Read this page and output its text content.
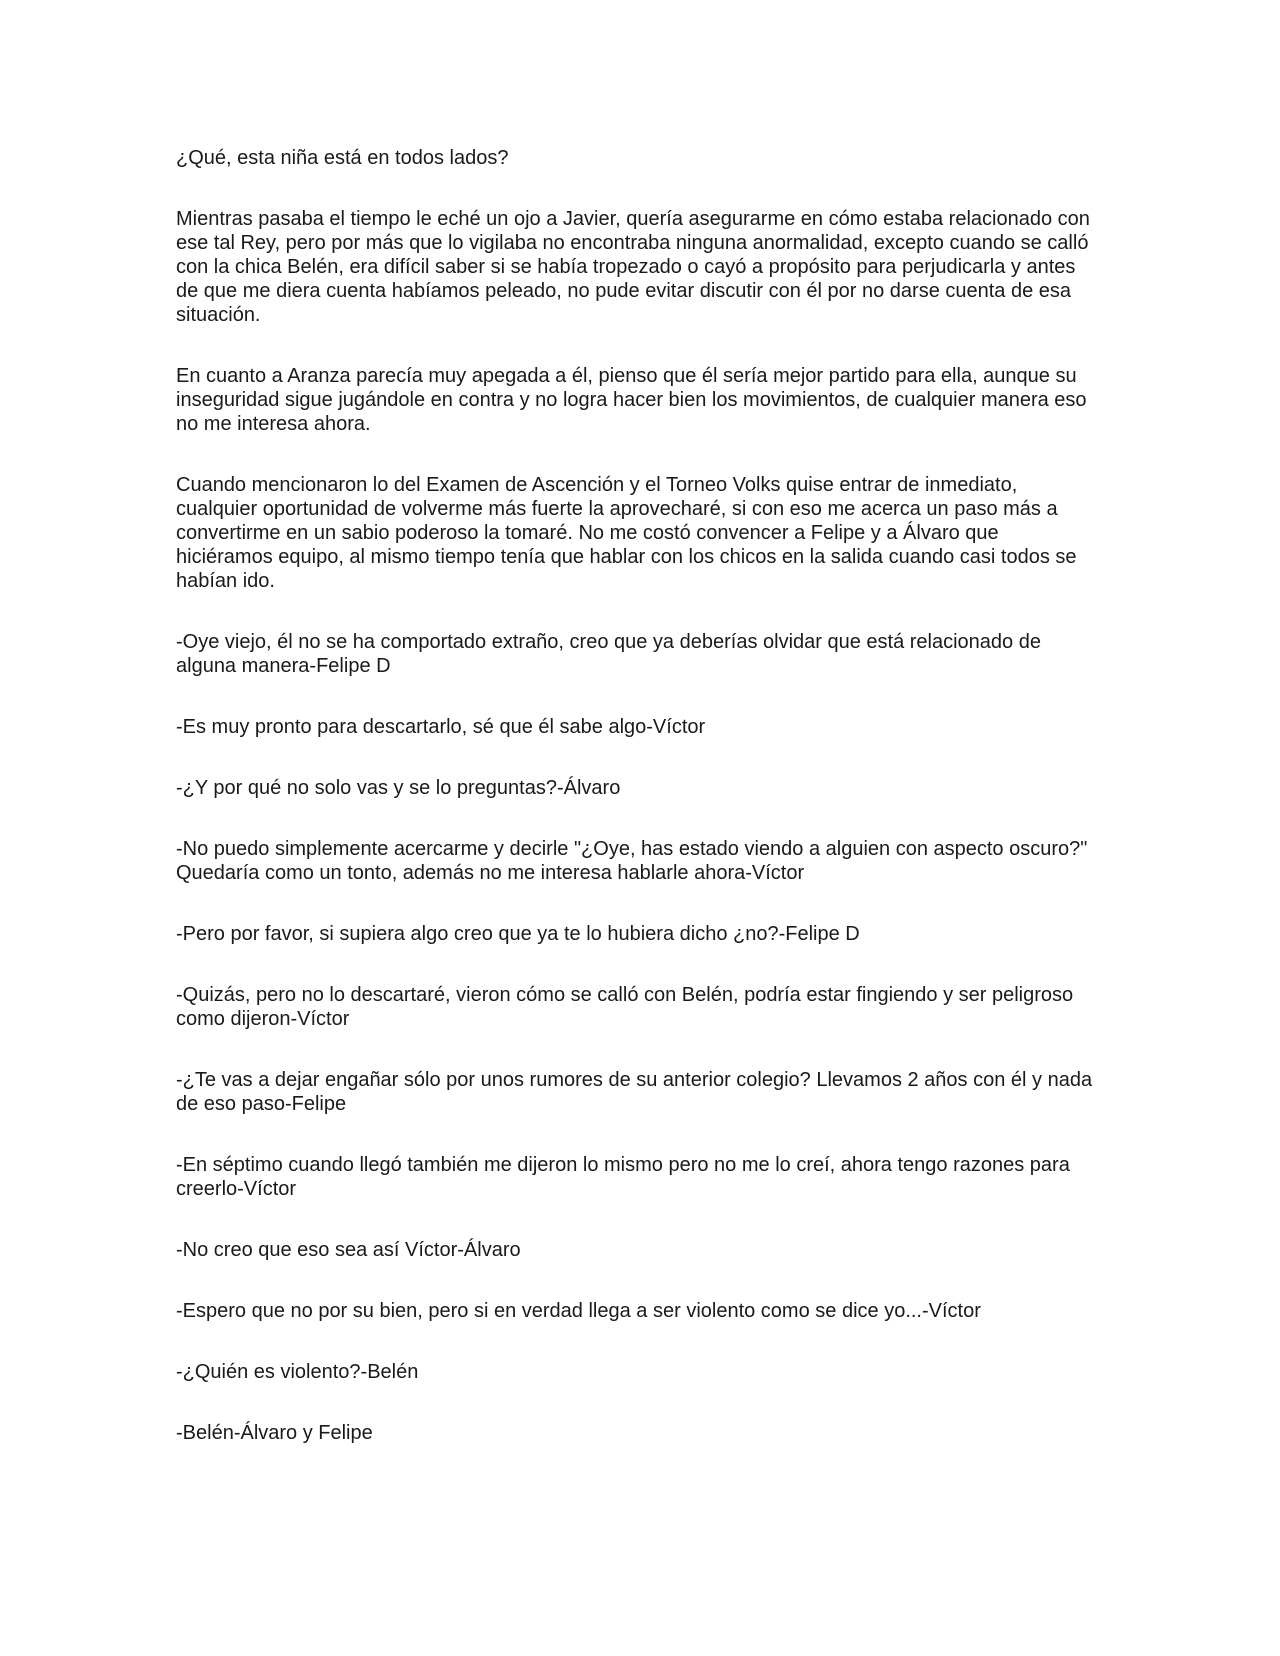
¿Qué, esta niña está en todos lados?

Mientras pasaba el tiempo le eché un ojo a Javier, quería asegurarme en cómo estaba relacionado con ese tal Rey, pero por más que lo vigilaba no encontraba ninguna anormalidad, excepto cuando se calló con la chica Belén, era difícil saber si se había tropezado o cayó a propósito para perjudicarla y antes de que me diera cuenta habíamos peleado, no pude evitar discutir con él por no darse cuenta de esa situación.

En cuanto a Aranza parecía muy apegada a él, pienso que él sería mejor partido para ella, aunque su inseguridad sigue jugándole en contra y no logra hacer bien los movimientos, de cualquier manera eso no me interesa ahora.

Cuando mencionaron lo del Examen de Ascención y el Torneo Volks quise entrar de inmediato, cualquier oportunidad de volverme más fuerte la aprovecharé, si con eso me acerca un paso más a convertirme en un sabio poderoso la tomaré. No me costó convencer a Felipe y a Álvaro que hiciéramos equipo, al mismo tiempo tenía que hablar con los chicos en la salida cuando casi todos se habían ido.

-Oye viejo, él no se ha comportado extraño, creo que ya deberías olvidar que está relacionado de alguna manera-Felipe D

-Es muy pronto para descartarlo, sé que él sabe algo-Víctor

-¿Y por qué no solo vas y se lo preguntas?-Álvaro

-No puedo simplemente acercarme y decirle "¿Oye, has estado viendo a alguien con aspecto oscuro?" Quedaría como un tonto, además no me interesa hablarle ahora-Víctor

-Pero por favor, si supiera algo creo que ya te lo hubiera dicho ¿no?-Felipe D

-Quizás, pero no lo descartaré, vieron cómo se calló con Belén, podría estar fingiendo y ser peligroso como dijeron-Víctor

-¿Te vas a dejar engañar sólo por unos rumores de su anterior colegio? Llevamos 2 años con él y nada de eso paso-Felipe

-En séptimo cuando llegó también me dijeron lo mismo pero no me lo creí, ahora tengo razones para creerlo-Víctor

-No creo que eso sea así Víctor-Álvaro

-Espero que no por su bien, pero si en verdad llega a ser violento como se dice yo...-Víctor

-¿Quién es violento?-Belén

-Belén-Álvaro y Felipe
